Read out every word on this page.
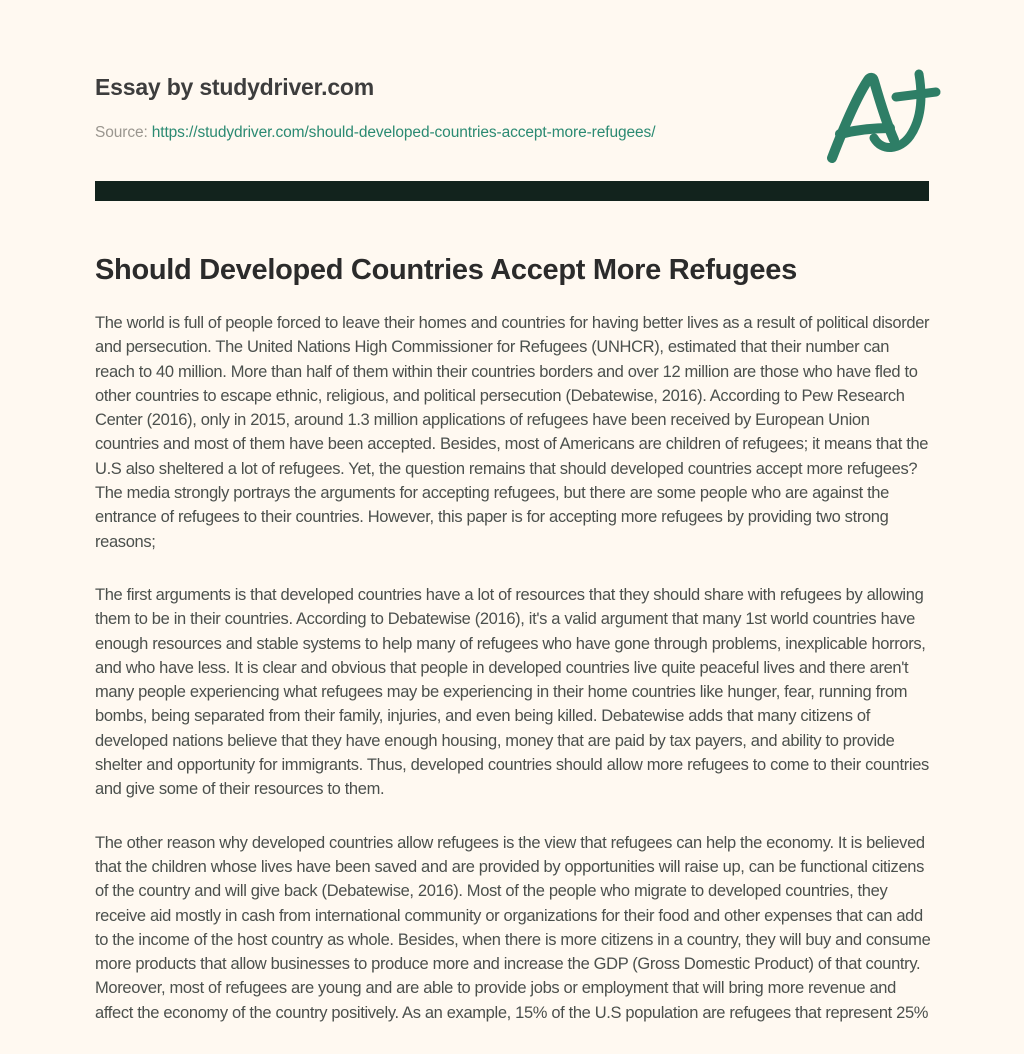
Essay by studydriver.com
Source: https://studydriver.com/should-developed-countries-accept-more-refugees/
Should Developed Countries Accept More Refugees

The world is full of people forced to leave their homes and countries for having better lives as a result of political disorder and persecution. The United Nations High Commissioner for Refugees (UNHCR), estimated that their number can reach to 40 million. More than half of them within their countries borders and over 12 million are those who have fled to other countries to escape ethnic, religious, and political persecution (Debatewise, 2016). According to Pew Research Center (2016), only in 2015, around 1.3 million applications of refugees have been received by European Union countries and most of them have been accepted. Besides, most of Americans are children of refugees; it means that the U.S also sheltered a lot of refugees. Yet, the question remains that should developed countries accept more refugees? The media strongly portrays the arguments for accepting refugees, but there are some people who are against the entrance of refugees to their countries. However, this paper is for accepting more refugees by providing two strong reasons;

The first arguments is that developed countries have a lot of resources that they should share with refugees by allowing them to be in their countries. According to Debatewise (2016), it's a valid argument that many 1st world countries have enough resources and stable systems to help many of refugees who have gone through problems, inexplicable horrors, and who have less. It is clear and obvious that people in developed countries live quite peaceful lives and there aren't many people experiencing what refugees may be experiencing in their home countries like hunger, fear, running from bombs, being separated from their family, injuries, and even being killed. Debatewise adds that many citizens of developed nations believe that they have enough housing, money that are paid by tax payers, and ability to provide shelter and opportunity for immigrants. Thus, developed countries should allow more refugees to come to their countries and give some of their resources to them.

The other reason why developed countries allow refugees is the view that refugees can help the economy. It is believed that the children whose lives have been saved and are provided by opportunities will raise up, can be functional citizens of the country and will give back (Debatewise, 2016). Most of the people who migrate to developed countries, they receive aid mostly in cash from international community or organizations for their food and other expenses that can add to the income of the host country as whole. Besides, when there is more citizens in a country, they will buy and consume more products that allow businesses to produce more and increase the GDP (Gross Domestic Product) of that country. Moreover, most of refugees are young and are able to provide jobs or employment that will bring more revenue and affect the economy of the country positively. As an example, 15% of the U.S population are refugees that represent 25%
